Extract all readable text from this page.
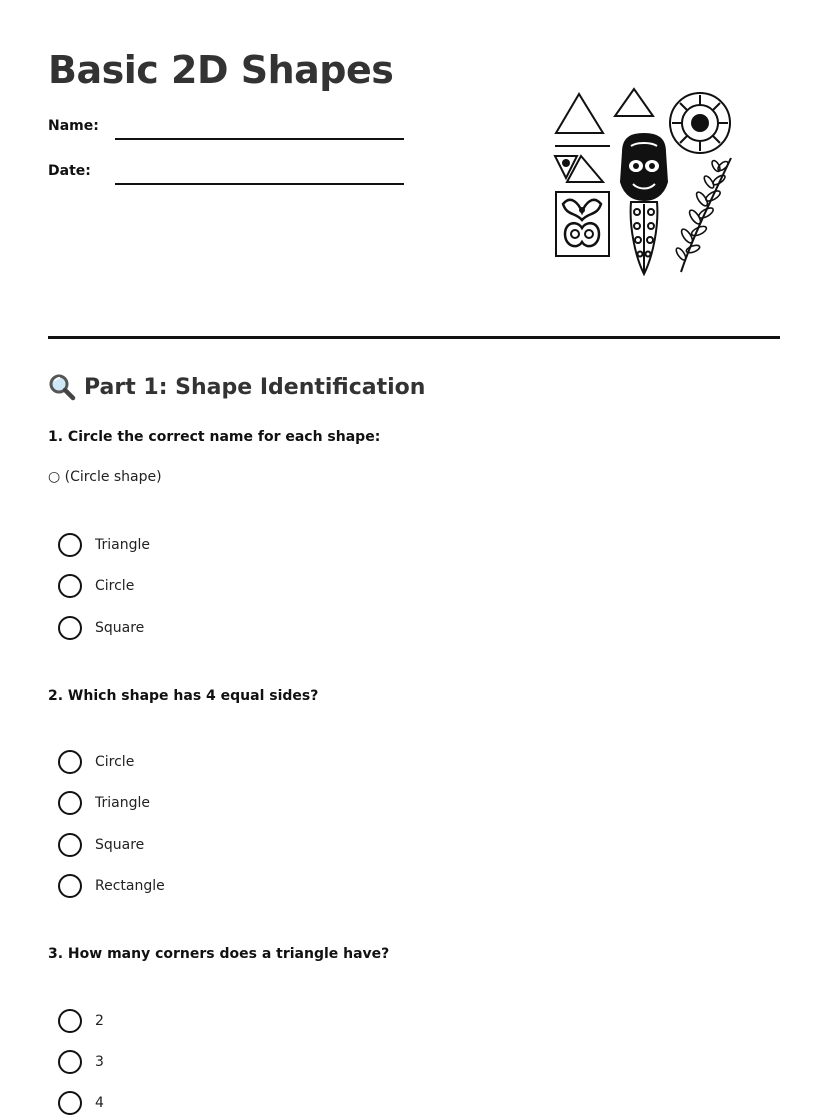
Basic 2D Shapes
Name:
Date:
Part 1: Shape Identification

1. Circle the correct name for each shape:

○ (Circle shape)
Triangle
Circle
Square

2. Which shape has 4 equal sides?

Circle
Triangle
Square
Rectangle

3. How many corners does a triangle have?

2
3
4
